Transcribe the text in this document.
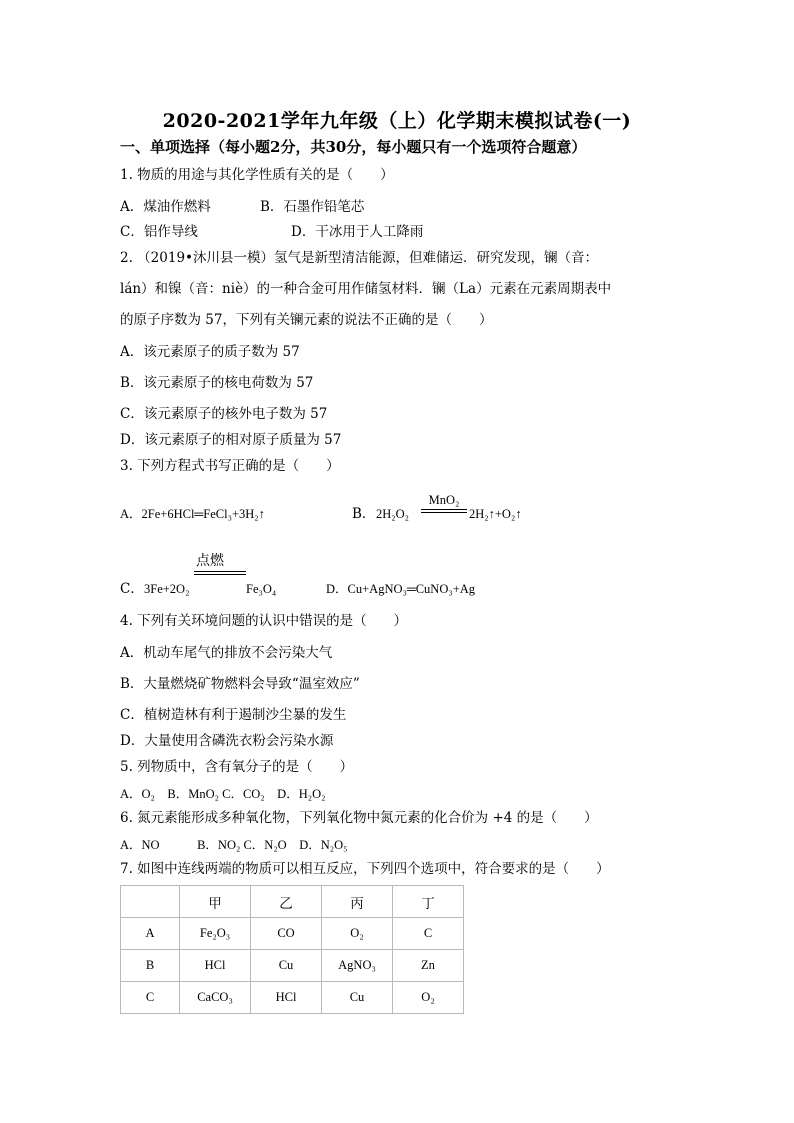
2020-2021学年九年级（上）化学期末模拟试卷(一)
一、单项选择（每小题2分，共30分，每小题只有一个选项符合题意）
1. 物质的用途与其化学性质有关的是（　　）
A．煤油作燃料	B．石墨作铅笔芯
C．铝作导线	D．干冰用于人工降雨
2. （2019•沐川县一模）氢气是新型清洁能源，但难储运．研究发现，镧（音：
lán）和镍（音：niè）的一种合金可用作储氢材料．镧（La）元素在元素周期表中
的原子序数为 57，下列有关镧元素的说法不正确的是（　　）
A．该元素原子的质子数为 57
B．该元素原子的核电荷数为 57
C．该元素原子的核外电子数为 57
D．该元素原子的相对原子质量为 57
3. 下列方程式书写正确的是（　　）
A．2Fe+6HCl═FeCl₃+3H₂↑	B． 2H₂O₂
MnO₂
2H₂↑+O₂↑
点燃
C． 3Fe+2O₂	Fe₃O₄	D．Cu+AgNO₃═CuNO₃+Ag
4. 下列有关环境问题的认识中错误的是（　　）
A．机动车尾气的排放不会污染大气
B．大量燃烧矿物燃料会导致“温室效应”
C．植树造林有利于遏制沙尘暴的发生
D．大量使用含磷洗衣粉会污染水源
5. 列物质中，含有氧分子的是（　　）
A．O₂　B．MnO₂ C．CO₂　D．H₂O₂
6. 氮元素能形成多种氧化物，下列氧化物中氮元素的化合价为 +4 的是（　　）
A．NO　　　B．NO₂ C．N₂O　D．N₂O₅
7. 如图中连线两端的物质可以相互反应，下列四个选项中，符合要求的是（　　）
	甲	乙	丙	丁
A	Fe₂O₃	CO	O₂	C
B	HCl	Cu	AgNO₃	Zn
C	CaCO₃	HCl	Cu	O₂
